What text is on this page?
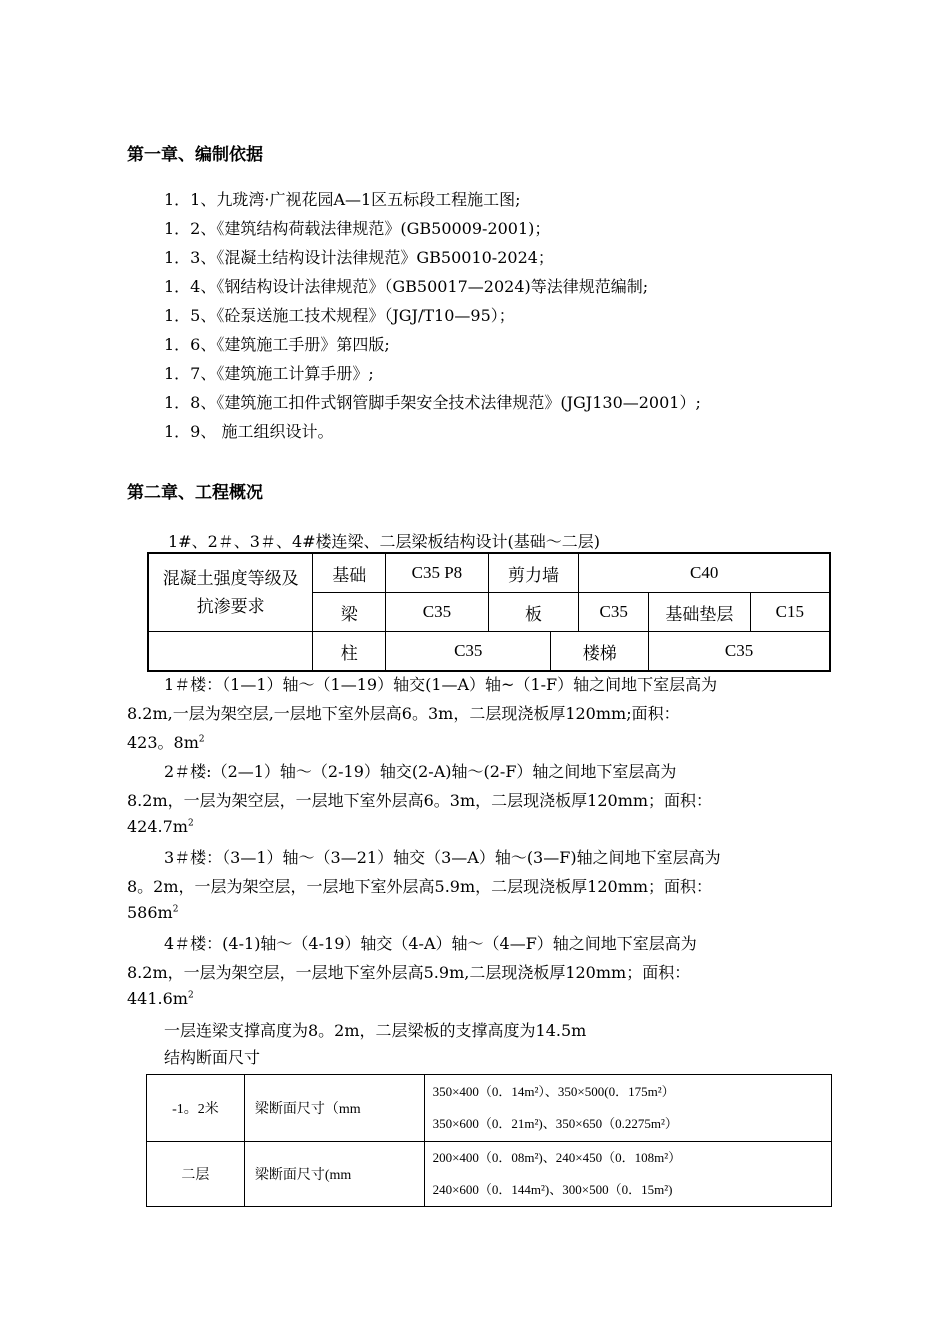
第一章、编制依据
1．1、九珑湾·广视花园A—1区五标段工程施工图;
1．2、《建筑结构荷载法律规范》(GB50009-2001)；
1．3、《混凝土结构设计法律规范》GB50010-2024；
1．4、《钢结构设计法律规范》（GB50017—2024)等法律规范编制;
1．5、《砼泵送施工技术规程》（JGJ/T10—95）；
1．6、《建筑施工手册》第四版;
1．7、《建筑施工计算手册》;
1．8、《建筑施工扣件式钢管脚手架安全技术法律规范》(JGJ130—2001）;
1．9、 施工组织设计。
第二章、工程概况
1#、2＃、3＃、4#楼连梁、二层梁板结构设计(基础～二层)
混凝土强度等级及抗渗要求	基础	C35 P8	剪力墙		C40		
	梁	C35	板		C35	基础垫层	C15
	柱	C35		楼梯		C35	
1＃楼：（1—1）轴～（1—19）轴交(1—A）轴~（1-F）轴之间地下室层高为
8.2m,一层为架空层,一层地下室外层高6。3m，二层现浇板厚120mm;面积：
423。$8m^2$
2＃楼:（2—1）轴～（2-19）轴交(2-A)轴～(2-F）轴之间地下室层高为
8.2m，一层为架空层，一层地下室外层高6。3m，二层现浇板厚120mm；面积：
$424.7m^2$
3＃楼：（3—1）轴～（3—21）轴交（3—A）轴～(3—F)轴之间地下室层高为
8。2m，一层为架空层，一层地下室外层高5.9m，二层现浇板厚120mm；面积：
$586m^2$
4＃楼：(4-1)轴～（4-19）轴交（4-A）轴～（4—F）轴之间地下室层高为
8.2m，一层为架空层，一层地下室外层高5.9m,二层现浇板厚120mm；面积：
$441.6m^2$
一层连梁支撑高度为8。2m，二层梁板的支撑高度为14.5m
结构断面尺寸
-1。2米	梁断面尺寸（mm	350×400（0．14m²）、350×500(0．175m²）
350×600（0．21m²)、350×650（0.2275m²）

二层	梁断面尺寸(mm	200×400（0．08m²)、240×450（0．108m²）
240×600（0．144m²)、300×500（0．15m²)
